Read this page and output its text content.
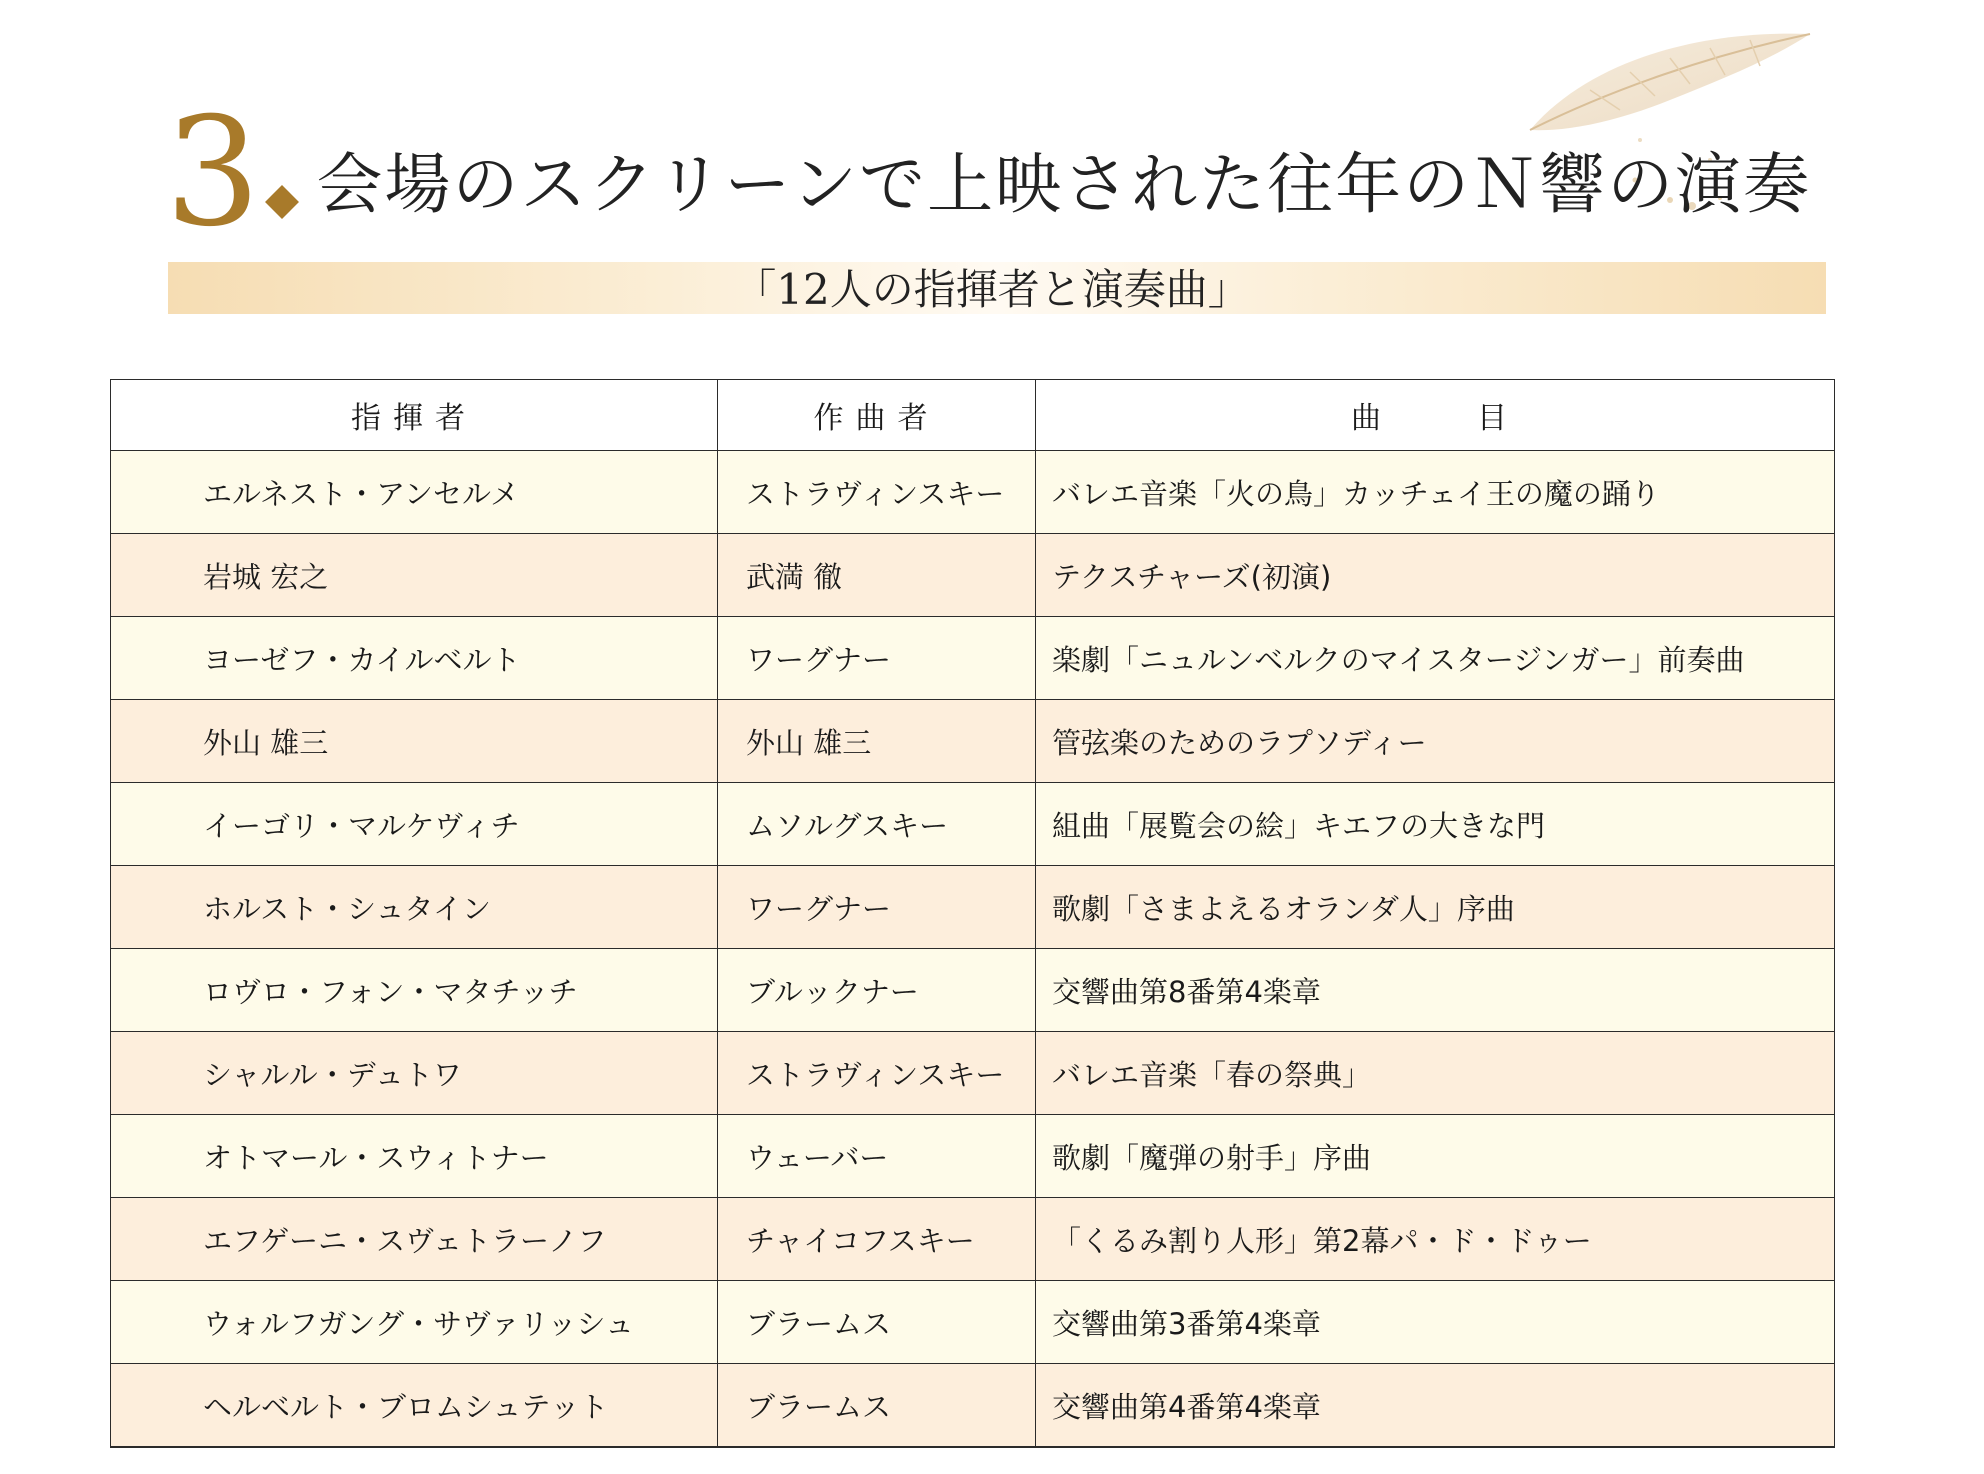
3 会場のスクリーンで上映された往年のＮ響の演奏
「12人の指揮者と演奏曲」
指揮者	作曲者	曲　　目
エルネスト・アンセルメ	ストラヴィンスキー	バレエ音楽「火の鳥」カッチェイ王の魔の踊り
岩城 宏之	武満 徹	テクスチャーズ(初演)
ヨーゼフ・カイルベルト	ワーグナー	楽劇「ニュルンベルクのマイスタージンガー」前奏曲
外山 雄三	外山 雄三	管弦楽のためのラプソディー
イーゴリ・マルケヴィチ	ムソルグスキー	組曲「展覧会の絵」キエフの大きな門
ホルスト・シュタイン	ワーグナー	歌劇「さまよえるオランダ人」序曲
ロヴロ・フォン・マタチッチ	ブルックナー	交響曲第8番第4楽章
シャルル・デュトワ	ストラヴィンスキー	バレエ音楽「春の祭典」
オトマール・スウィトナー	ウェーバー	歌劇「魔弾の射手」序曲
エフゲーニ・スヴェトラーノフ	チャイコフスキー	「くるみ割り人形」第2幕パ・ド・ドゥー
ウォルフガング・サヴァリッシュ	ブラームス	交響曲第3番第4楽章
ヘルベルト・ブロムシュテット	ブラームス	交響曲第4番第4楽章
